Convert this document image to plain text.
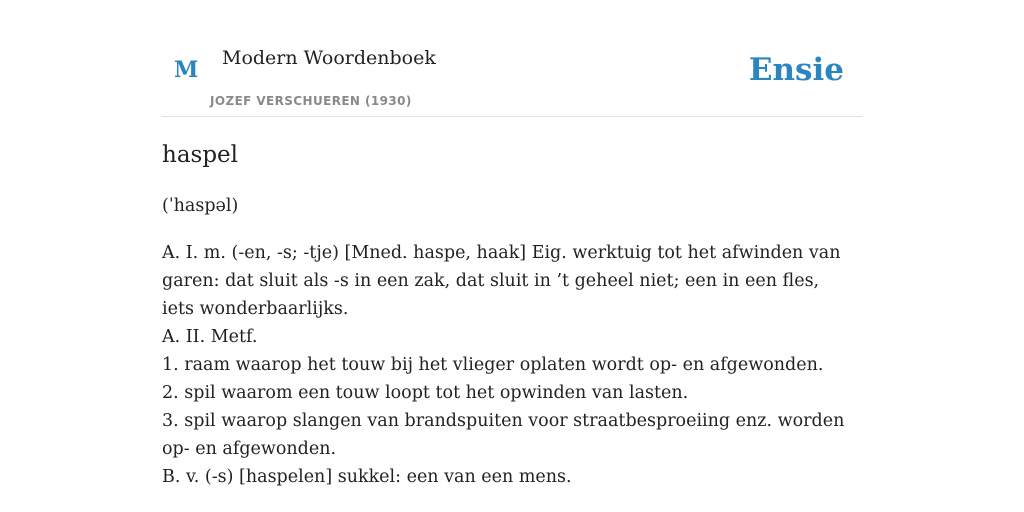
M Modern Woordenboek
JOZEF VERSCHUEREN (1930)
Ensie
haspel
(ˈhaspəl)

A. I. m. (-en, -s; -tje) [Mned. haspe, haak] Eig. werktuig tot het afwinden van garen: dat sluit als -s in een zak, dat sluit in ’t geheel niet; een in een fles, iets wonderbaarlijks.

A. II. Metf.

1. raam waarop het touw bij het vlieger oplaten wordt op- en afgewonden.

2. spil waarom een touw loopt tot het opwinden van lasten.

3. spil waarop slangen van brandspuiten voor straatbesproeiing enz. worden op- en afgewonden.

B. v. (-s) [haspelen] sukkel: een van een mens.
